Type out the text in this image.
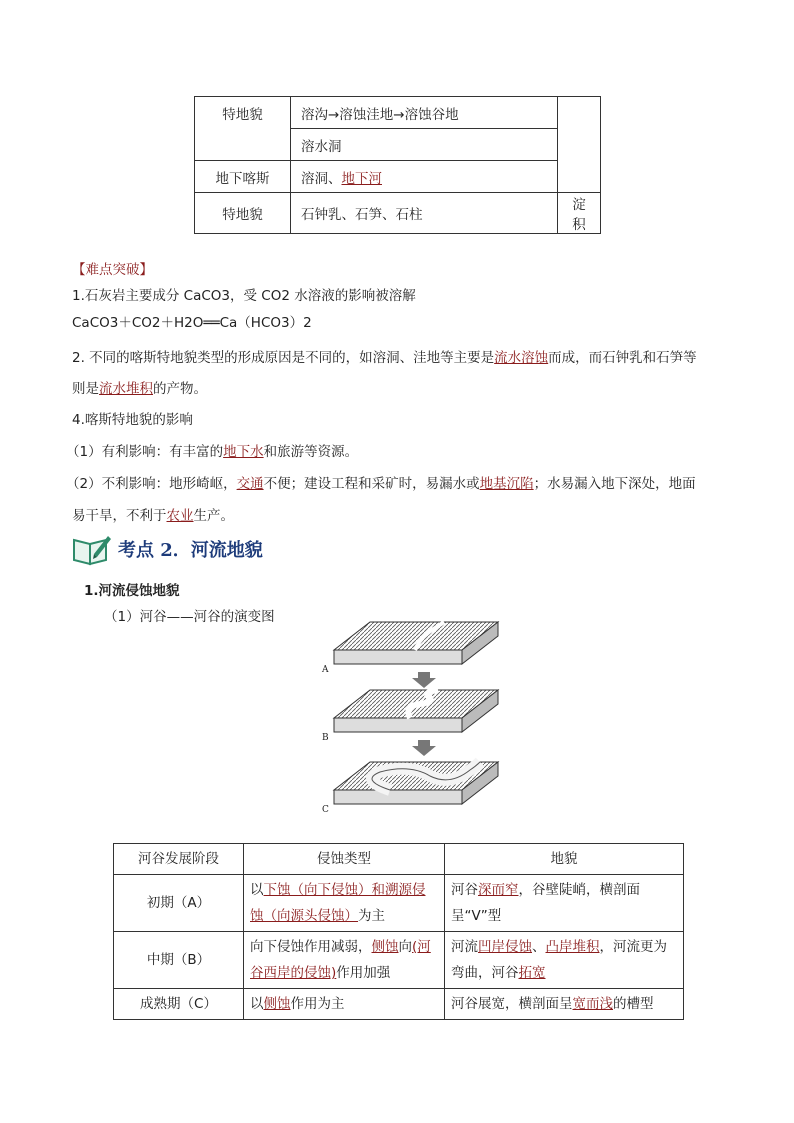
特地貌	溶沟→溶蚀洼地→溶蚀谷地	
	溶水洞	
地下喀斯	溶洞、地下河	
特地貌	石钟乳、石笋、石柱	淀积
【难点突破】
1.石灰岩主要成分 CaCO3，受 CO2 水溶液的影响被溶解
CaCO3＋CO2＋H2O══Ca（HCO3）2
2. 不同的喀斯特地貌类型的形成原因是不同的，如溶洞、洼地等主要是流水溶蚀而成，而石钟乳和石笋等
则是流水堆积的产物。
4.喀斯特地貌的影响
（1）有利影响：有丰富的地下水和旅游等资源。
（2）不利影响：地形崎岖，交通不便；建设工程和采矿时，易漏水或地基沉陷；水易漏入地下深处，地面
易干旱，不利于农业生产。
考点 2．河流地貌
1.河流侵蚀地貌
（1）河谷——河谷的演变图
A
B
C
河谷发展阶段	侵蚀类型	地貌
初期（A）	以下蚀（向下侵蚀）和溯源侵蚀（向源头侵蚀）为主	河谷深而窄，谷壁陡峭，横剖面呈“V”型
中期（B）	向下侵蚀作用减弱，侧蚀向(河谷西岸的侵蚀)作用加强	河流凹岸侵蚀、凸岸堆积，河流更为弯曲，河谷拓宽
成熟期（C）	以侧蚀作用为主	河谷展宽，横剖面呈宽而浅的槽型
